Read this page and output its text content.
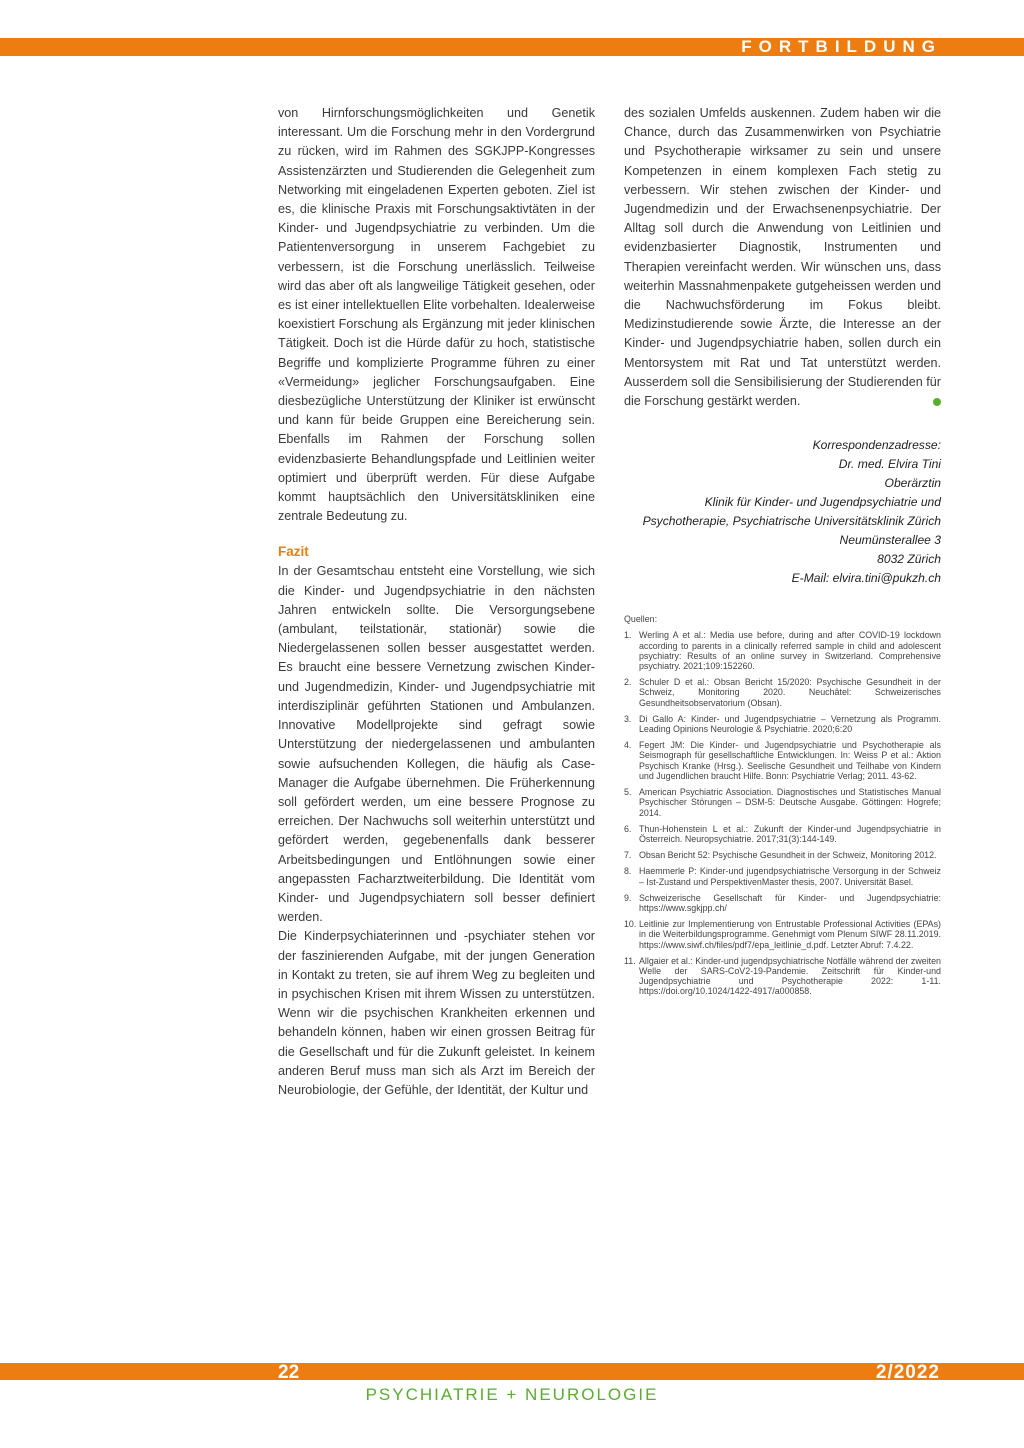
FORTBILDUNG

von Hirnforschungsmöglichkeiten und Genetik interessant. Um die Forschung mehr in den Vordergrund zu rücken, wird im Rahmen des SGKJPP-Kongresses Assistenzärzten und Studierenden die Gelegenheit zum Networking mit eingeladenen Experten geboten. Ziel ist es, die klinische Praxis mit Forschungsaktivtäten in der Kinder- und Jugendpsychiatrie zu verbinden. Um die Patientenversorgung in unserem Fachgebiet zu verbessern, ist die Forschung unerlässlich. Teilweise wird das aber oft als langweilige Tätigkeit gesehen, oder es ist einer intellektuellen Elite vorbehalten. Idealerweise koexistiert Forschung als Ergänzung mit jeder klinischen Tätigkeit. Doch ist die Hürde dafür zu hoch, statistische Begriffe und komplizierte Programme führen zu einer «Vermeidung» jeglicher Forschungsaufgaben. Eine diesbezügliche Unterstützung der Kliniker ist erwünscht und kann für beide Gruppen eine Bereicherung sein. Ebenfalls im Rahmen der Forschung sollen evidenzbasierte Behandlungspfade und Leitlinien weiter optimiert und überprüft werden. Für diese Aufgabe kommt hauptsächlich den Universitätskliniken eine zentrale Bedeutung zu.

Fazit

In der Gesamtschau entsteht eine Vorstellung, wie sich die Kinder- und Jugendpsychiatrie in den nächsten Jahren entwickeln sollte. Die Versorgungsebene (ambulant, teilstationär, stationär) sowie die Niedergelassenen sollen besser ausgestattet werden. Es braucht eine bessere Vernetzung zwischen Kinder- und Jugendmedizin, Kinder- und Jugendpsychiatrie mit interdisziplinär geführten Stationen und Ambulanzen. Innovative Modellprojekte sind gefragt sowie Unterstützung der niedergelassenen und ambulanten sowie aufsuchenden Kollegen, die häufig als Case-Manager die Aufgabe übernehmen. Die Früherkennung soll gefördert werden, um eine bessere Prognose zu erreichen. Der Nachwuchs soll weiterhin unterstützt und gefördert werden, gegebenenfalls dank besserer Arbeitsbedingungen und Entlöhnungen sowie einer angepassten Facharztweiterbildung. Die Identität vom Kinder- und Jugendpsychiatern soll besser definiert werden.

Die Kinderpsychiaterinnen und -psychiater stehen vor der faszinierenden Aufgabe, mit der jungen Generation in Kontakt zu treten, sie auf ihrem Weg zu begleiten und in psychischen Krisen mit ihrem Wissen zu unterstützen. Wenn wir die psychischen Krankheiten erkennen und behandeln können, haben wir einen grossen Beitrag für die Gesellschaft und für die Zukunft geleistet. In keinem anderen Beruf muss man sich als Arzt im Bereich der Neurobiologie, der Gefühle, der Identität, der Kultur und

des sozialen Umfelds auskennen. Zudem haben wir die Chance, durch das Zusammenwirken von Psychiatrie und Psychotherapie wirksamer zu sein und unsere Kompetenzen in einem komplexen Fach stetig zu verbessern. Wir stehen zwischen der Kinder- und Jugendmedizin und der Erwachsenenpsychiatrie. Der Alltag soll durch die Anwendung von Leitlinien und evidenzbasierter Diagnostik, Instrumenten und Therapien vereinfacht werden. Wir wünschen uns, dass weiterhin Massnahmenpakete gutgeheissen werden und die Nachwuchsförderung im Fokus bleibt. Medizinstudierende sowie Ärzte, die Interesse an der Kinder- und Jugendpsychiatrie haben, sollen durch ein Mentorsystem mit Rat und Tat unterstützt werden. Ausserdem soll die Sensibilisierung der Studierenden für die Forschung gestärkt werden.

Korrespondenzadresse:
Dr. med. Elvira Tini
Oberärztin
Klinik für Kinder- und Jugendpsychiatrie und
Psychotherapie, Psychiatrische Universitätsklinik Zürich
Neumünsterallee 3
8032 Zürich
E-Mail: elvira.tini@pukzh.ch
Quellen:
1. Werling A et al.: Media use before, during and after COVID-19 lockdown according to parents in a clinically referred sample in child and adolescent psychiatry: Results of an online survey in Switzerland. Comprehensive psychiatry. 2021;109:152260.
2. Schuler D et al.: Obsan Bericht 15/2020: Psychische Gesundheit in der Schweiz, Monitoring 2020. Neuchâtel: Schweizerisches Gesundheitsobservatorium (Obsan).
3. Di Gallo A: Kinder- und Jugendpsychiatrie – Vernetzung als Programm. Leading Opinions Neurologie & Psychiatrie. 2020;6:20
4. Fegert JM: Die Kinder- und Jugendpsychiatrie und Psychotherapie als Seismograph für gesellschaftliche Entwicklungen. In: Weiss P et al.: Aktion Psychisch Kranke (Hrsg.). Seelische Gesundheit und Teilhabe von Kindern und Jugendlichen braucht Hilfe. Bonn: Psychiatrie Verlag; 2011. 43-62.
5. American Psychiatric Association. Diagnostisches und Statistisches Manual Psychischer Störungen – DSM-5: Deutsche Ausgabe. Göttingen: Hogrefe; 2014.
6. Thun-Hohenstein L et al.: Zukunft der Kinder-und Jugendpsychiatrie in Österreich. Neuropsychiatrie. 2017;31(3):144-149.
7. Obsan Bericht 52: Psychische Gesundheit in der Schweiz, Monitoring 2012.
8. Haemmerle P: Kinder-und jugendpsychiatrische Versorgung in der Schweiz – Ist-Zustand und PerspektivenMaster thesis, 2007. Universität Basel.
9. Schweizerische Gesellschaft für Kinder- und Jugendpsychiatrie: https://www.sgkjpp.ch/
10. Leitlinie zur Implementierung von Entrustable Professional Activities (EPAs) in die Weiterbildungsprogramme. Genehmigt vom Plenum SIWF 28.11.2019. https://www.siwf.ch/files/pdf7/epa_leitlinie_d.pdf. Letzter Abruf: 7.4.22.
11. Allgaier et al.: Kinder-und jugendpsychiatrische Notfälle während der zweiten Welle der SARS-CoV2-19-Pandemie. Zeitschrift für Kinder-und Jugendpsychiatrie und Psychotherapie 2022: 1-11. https://doi.org/10.1024/1422-4917/a000858.
22	2/2022
PSYCHIATRIE + NEUROLOGIE
